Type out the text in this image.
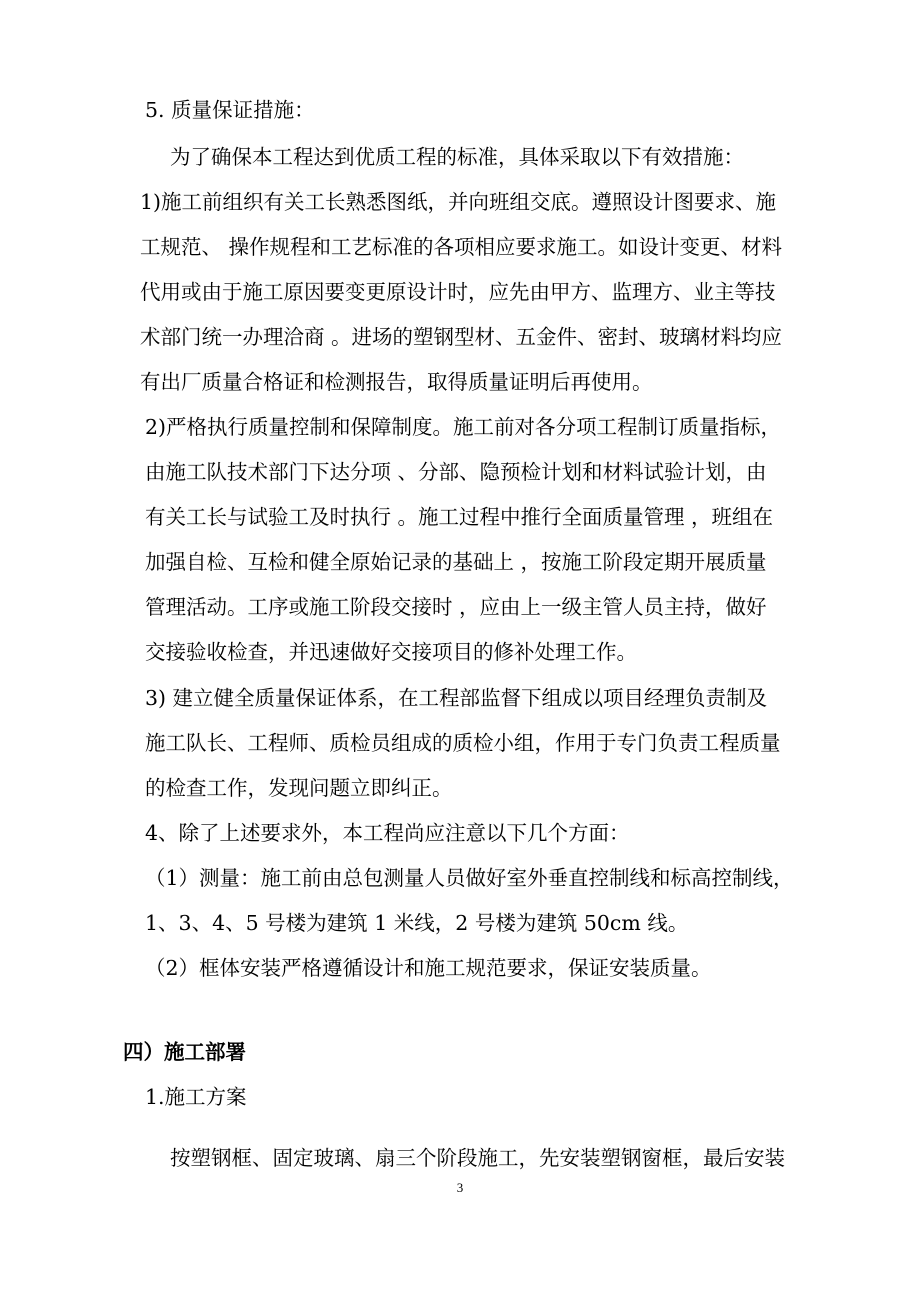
5. 质量保证措施：
为了确保本工程达到优质工程的标准，具体采取以下有效措施：
1)施工前组织有关工长熟悉图纸，并向班组交底。遵照设计图要求、施
工规范、 操作规程和工艺标准的各项相应要求施工。如设计变更、材料
代用或由于施工原因要变更原设计时，应先由甲方、监理方、业主等技
术部门统一办理洽商 。进场的塑钢型材、五金件、密封、玻璃材料均应
有出厂质量合格证和检测报告，取得质量证明后再使用。
2)严格执行质量控制和保障制度。施工前对各分项工程制订质量指标，
由施工队技术部门下达分项 、分部、隐预检计划和材料试验计划，由
有关工长与试验工及时执行 。施工过程中推行全面质量管理 ，班组在
加强自检、互检和健全原始记录的基础上 ，按施工阶段定期开展质量
管理活动。工序或施工阶段交接时 ，应由上一级主管人员主持，做好
交接验收检查，并迅速做好交接项目的修补处理工作。
3) 建立健全质量保证体系，在工程部监督下组成以项目经理负责制及
施工队长、工程师、质检员组成的质检小组，作用于专门负责工程质量
的检查工作，发现问题立即纠正。
4、除了上述要求外，本工程尚应注意以下几个方面：
（1）测量：施工前由总包测量人员做好室外垂直控制线和标高控制线，
1、3、4、5 号楼为建筑 1 米线，2 号楼为建筑 50cm 线。
（2）框体安装严格遵循设计和施工规范要求，保证安装质量。
四）施工部署
1.施工方案
按塑钢框、固定玻璃、扇三个阶段施工，先安装塑钢窗框，最后安装
3
